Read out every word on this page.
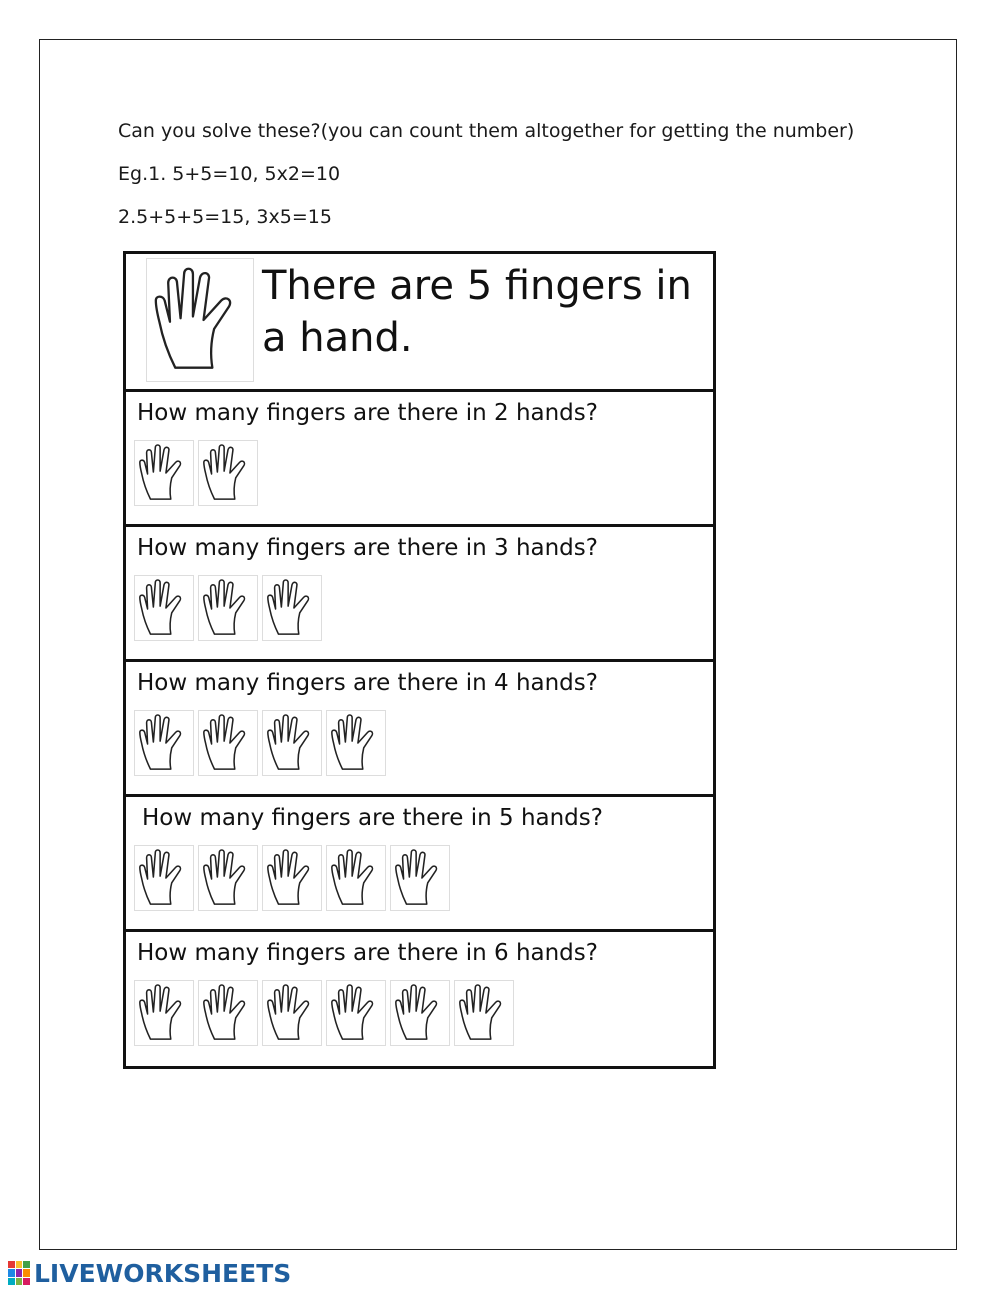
Can you solve these?(you can count them altogether for getting the number)
Eg.1. 5+5=10, 5x2=10
2.5+5+5=15, 3x5=15
There are 5 fingers in a hand.
How many fingers are there in 2 hands?
How many fingers are there in 3 hands?
How many fingers are there in 4 hands?
How many fingers are there in 5 hands?
How many fingers are there in 6 hands?
LIVEWORKSHEETS
